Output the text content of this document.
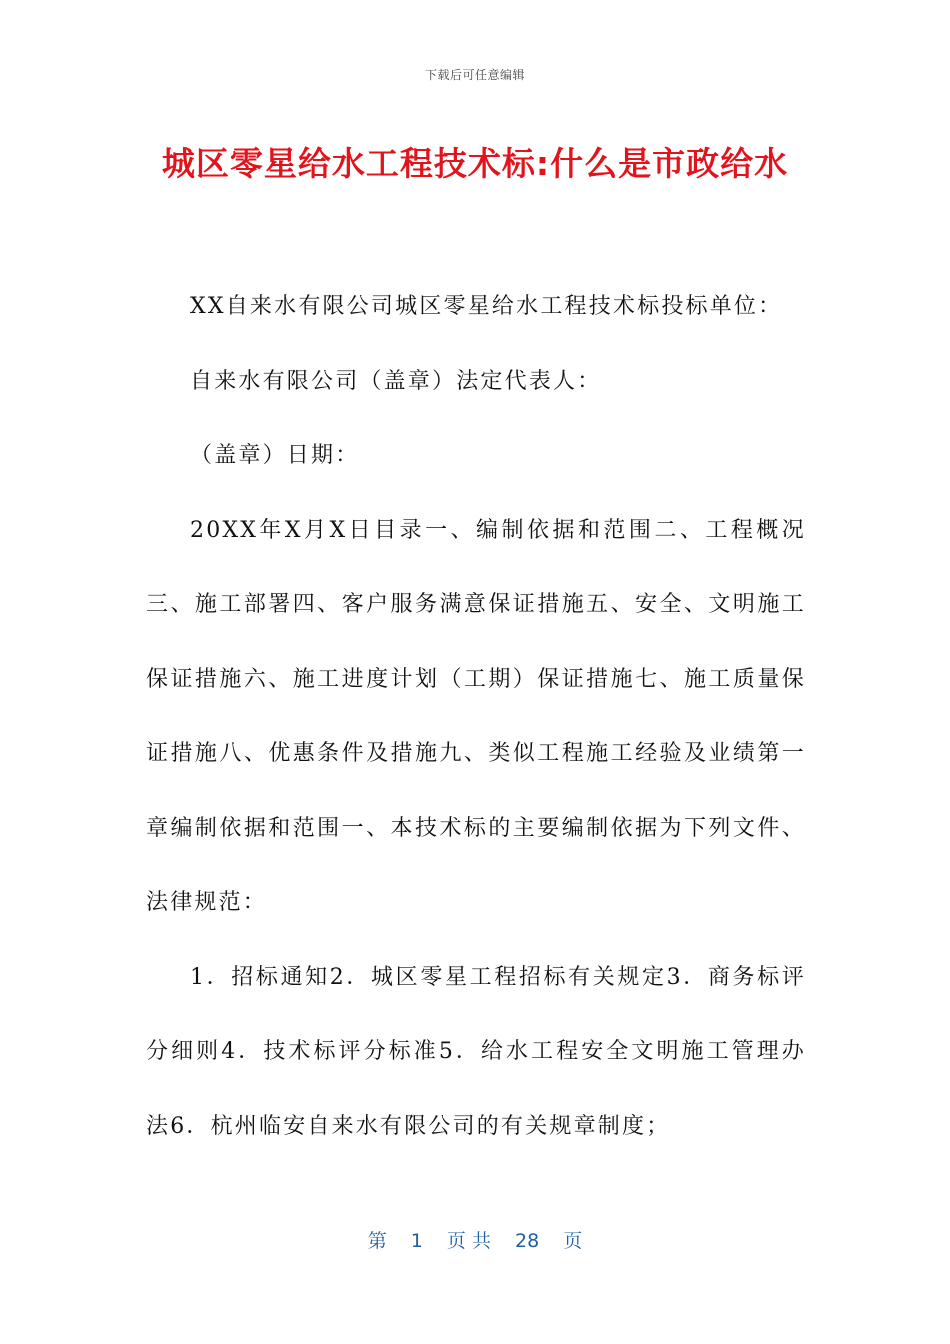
下载后可任意编辑
城区零星给水工程技术标:什么是市政给水

XX自来水有限公司城区零星给水工程技术标投标单位：

自来水有限公司（盖章）法定代表人：

（盖章）日期：

20XX年X月X日目录一、编制依据和范围二、工程概况三、施工部署四、客户服务满意保证措施五、安全、文明施工保证措施六、施工进度计划（工期）保证措施七、施工质量保证措施八、优惠条件及措施九、类似工程施工经验及业绩第一章编制依据和范围一、本技术标的主要编制依据为下列文件、法律规范：

1．招标通知2．城区零星工程招标有关规定3．商务标评分细则4．技术标评分标准5．给水工程安全文明施工管理办法6．杭州临安自来水有限公司的有关规章制度；

第 1 页 共 28 页
